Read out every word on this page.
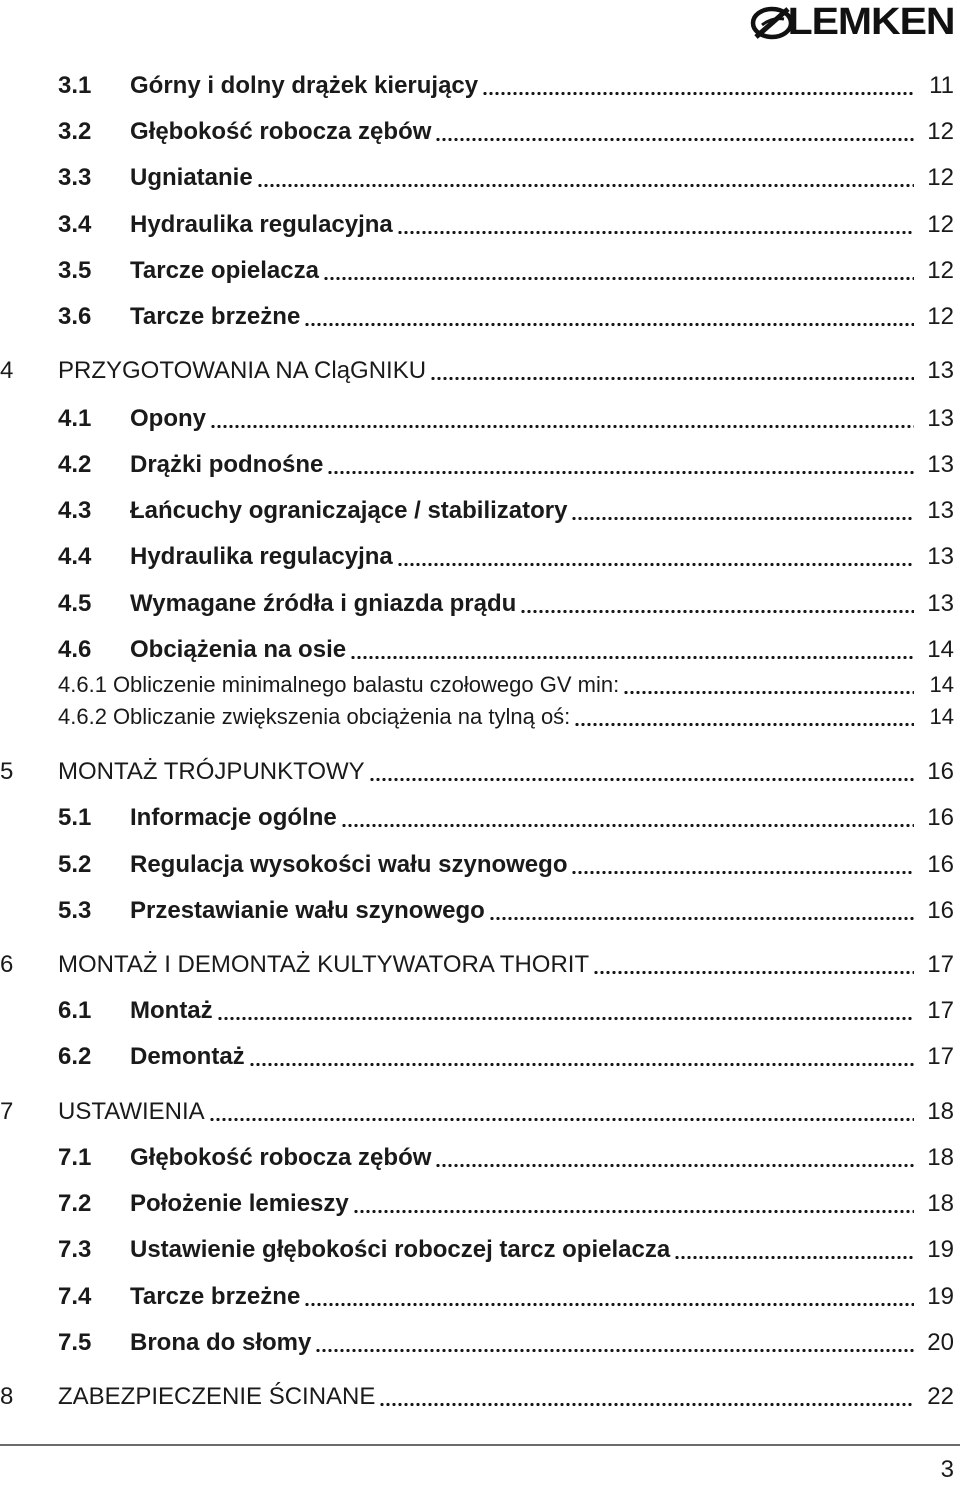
LEMKEN
3.1	Górny i dolny drążek kierujący	11
3.2	Głębokość robocza zębów	12
3.3	Ugniatanie	12
3.4	Hydraulika regulacyjna	12
3.5	Tarcze opielacza	12
3.6	Tarcze brzeżne	12
4	PRZYGOTOWANIA NA CląGNIKU	13
4.1	Opony	13
4.2	Drążki podnośne	13
4.3	Łańcuchy ograniczające / stabilizatory	13
4.4	Hydraulika regulacyjna	13
4.5	Wymagane źródła i gniazda prądu	13
4.6	Obciążenia na osie	14
4.6.1 Obliczenie minimalnego balastu czołowego GV min:	14
4.6.2 Obliczanie zwiększenia obciążenia na tylną oś:	14
5	MONTAŻ TRÓJPUNKTOWY	16
5.1	Informacje ogólne	16
5.2	Regulacja wysokości wału szynowego	16
5.3	Przestawianie wału szynowego	16
6	MONTAŻ I DEMONTAŻ KULTYWATORA THORIT	17
6.1	Montaż	17
6.2	Demontaż	17
7	USTAWIENIA	18
7.1	Głębokość robocza zębów	18
7.2	Położenie lemieszy	18
7.3	Ustawienie głębokości roboczej tarcz opielacza	19
7.4	Tarcze brzeżne	19
7.5	Brona do słomy	20
8	ZABEZPIECZENIE ŚCINANE	22
3
